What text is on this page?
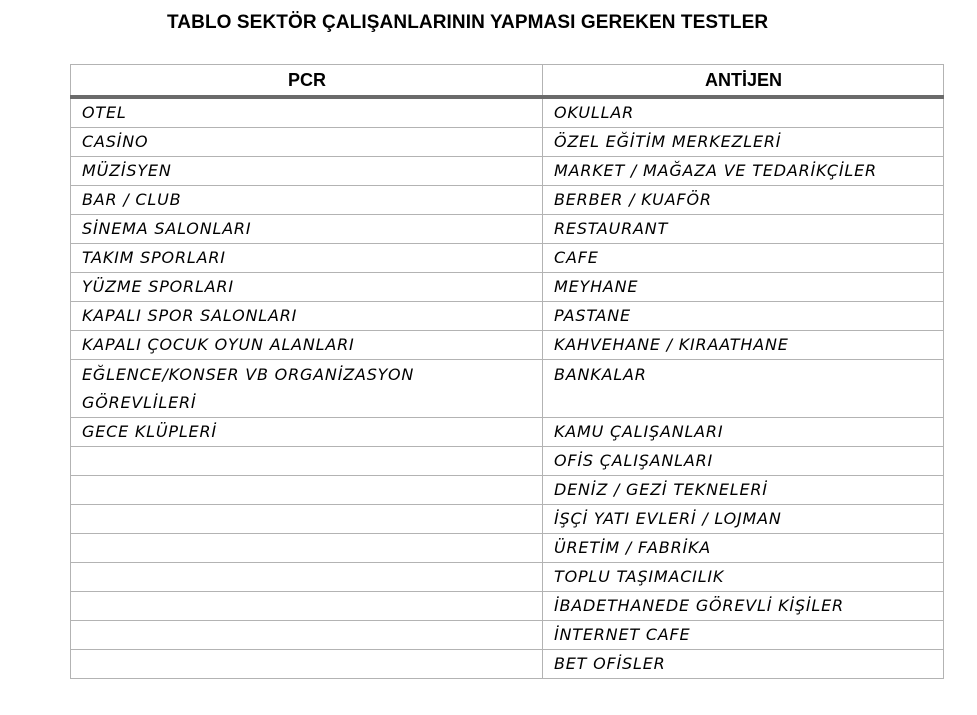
TABLO SEKTÖR ÇALIŞANLARININ YAPMASI GEREKEN TESTLER
PCR	ANTİJEN
OTEL	OKULLAR
CASİNO	ÖZEL EĞİTİM MERKEZLERİ
MÜZİSYEN	MARKET / MAĞAZA VE TEDARİKÇİLER
BAR / CLUB	BERBER / KUAFÖR
SİNEMA SALONLARI	RESTAURANT
TAKIM SPORLARI	CAFE
YÜZME SPORLARI	MEYHANE
KAPALI SPOR SALONLARI	PASTANE
KAPALI ÇOCUK OYUN ALANLARI	KAHVEHANE / KIRAATHANE
EĞLENCE/KONSER VB ORGANİZASYON GÖREVLİLERİ	BANKALAR
GECE KLÜPLERİ	KAMU ÇALIŞANLARI
	OFİS ÇALIŞANLARI
	DENİZ / GEZİ TEKNELERİ
	İŞÇİ YATI EVLERİ / LOJMAN
	ÜRETİM / FABRİKA
	TOPLU TAŞIMACILIK
	İBADETHANEDE GÖREVLİ KİŞİLER
	İNTERNET CAFE
	BET OFİSLER
